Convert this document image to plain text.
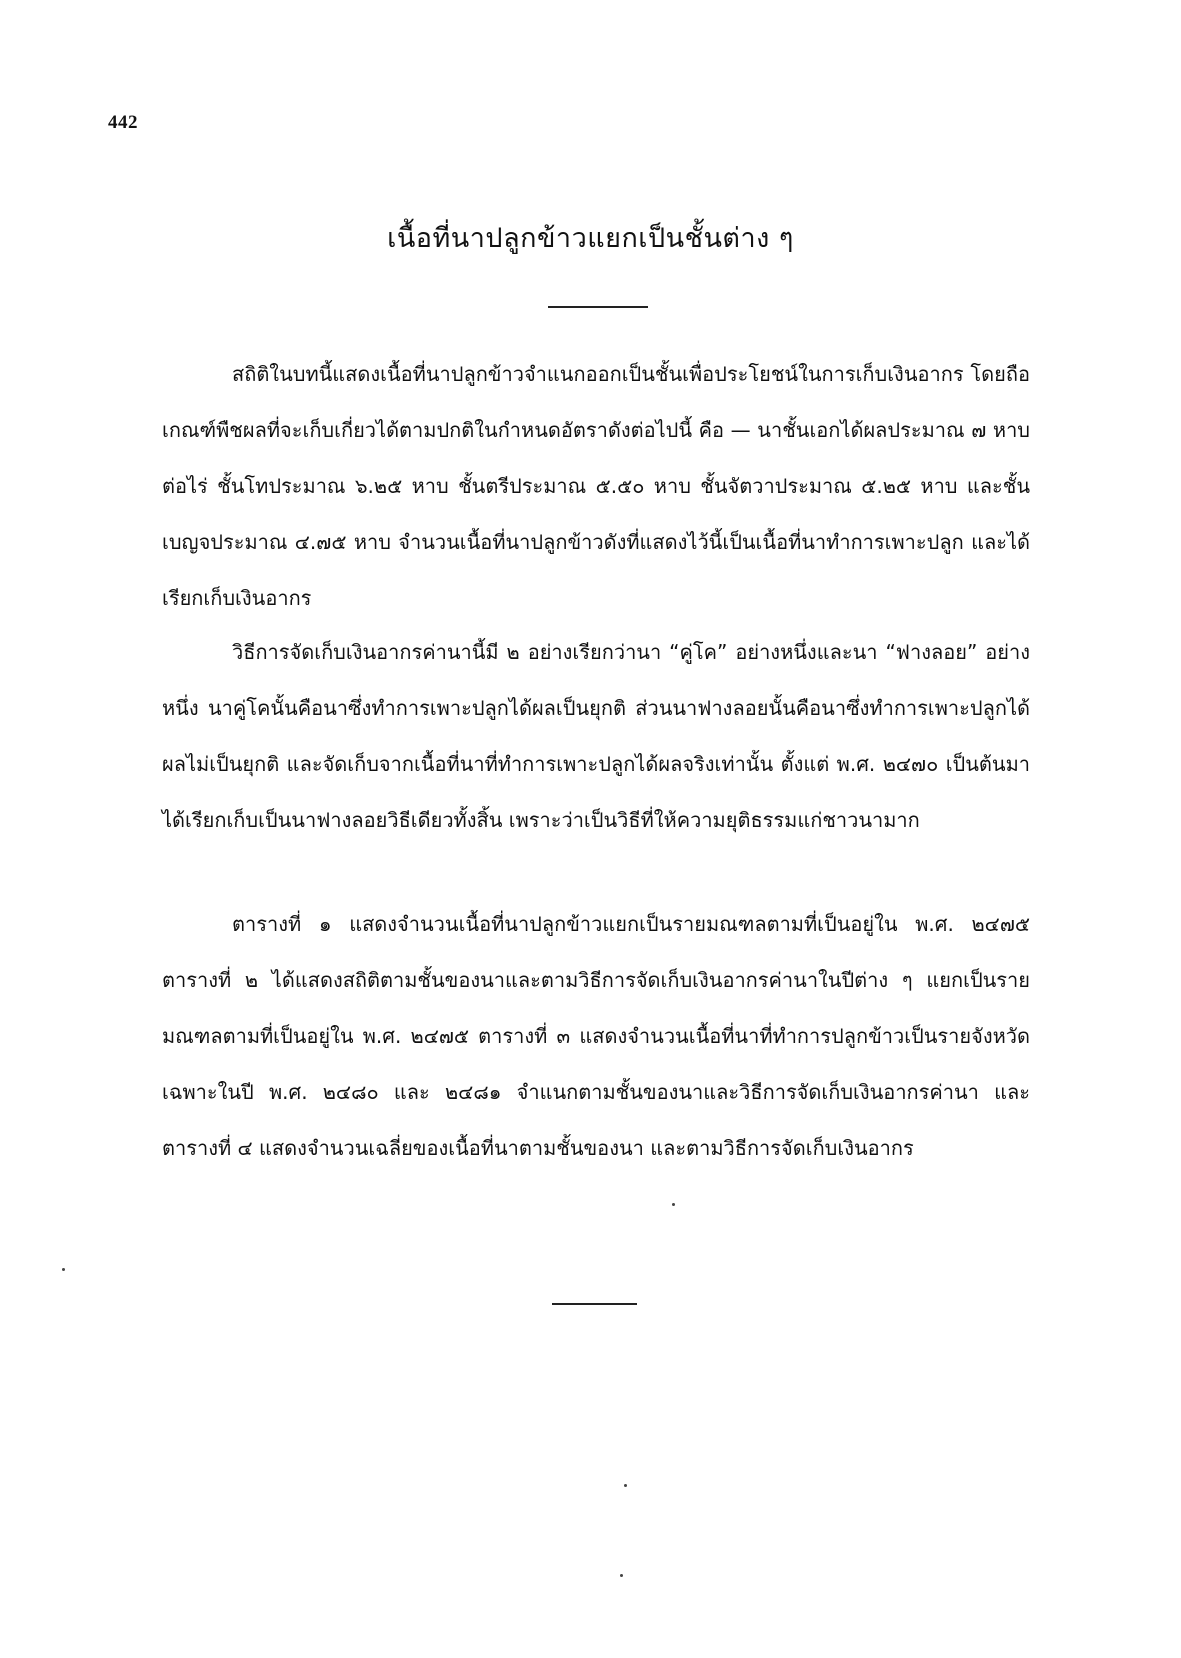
442
เนื้อที่นาปลูกข้าวแยกเป็นชั้นต่าง ๆ

สถิติในบทนี้แสดงเนื้อที่นาปลูกข้าวจำแนกออกเป็นชั้นเพื่อประโยชน์ในการเก็บเงินอากร โดยถือเกณฑ์พืชผลที่จะเก็บเกี่ยวได้ตามปกติในกำหนดอัตราดังต่อไปนี้ คือ — นาชั้นเอกได้ผลประมาณ ๗ หาบต่อไร่ ชั้นโทประมาณ ๖.๒๕ หาบ ชั้นตรีประมาณ ๕.๕๐ หาบ ชั้นจัตวาประมาณ ๕.๒๕ หาบ และชั้นเบญจประมาณ ๔.๗๕ หาบ จำนวนเนื้อที่นาปลูกข้าวดังที่แสดงไว้นี้เป็นเนื้อที่นาทำการเพาะปลูก และได้เรียกเก็บเงินอากร

วิธีการจัดเก็บเงินอากรค่านานี้มี ๒ อย่างเรียกว่านา “คู่โค” อย่างหนึ่งและนา “ฟางลอย” อย่างหนึ่ง นาคู่โคนั้นคือนาซึ่งทำการเพาะปลูกได้ผลเป็นยุกติ ส่วนนาฟางลอยนั้นคือนาซึ่งทำการเพาะปลูกได้ผลไม่เป็นยุกติ และจัดเก็บจากเนื้อที่นาที่ทำการเพาะปลูกได้ผลจริงเท่านั้น ตั้งแต่ พ.ศ. ๒๔๗๐ เป็นต้นมาได้เรียกเก็บเป็นนาฟางลอยวิธีเดียวทั้งสิ้น เพราะว่าเป็นวิธีที่ให้ความยุติธรรมแก่ชาวนามาก

ตารางที่ ๑ แสดงจำนวนเนื้อที่นาปลูกข้าวแยกเป็นรายมณฑลตามที่เป็นอยู่ใน พ.ศ. ๒๔๗๕ ตารางที่ ๒ ได้แสดงสถิติตามชั้นของนาและตามวิธีการจัดเก็บเงินอากรค่านาในปีต่าง ๆ แยกเป็นรายมณฑลตามที่เป็นอยู่ใน พ.ศ. ๒๔๗๕ ตารางที่ ๓ แสดงจำนวนเนื้อที่นาที่ทำการปลูกข้าวเป็นรายจังหวัดเฉพาะในปี พ.ศ. ๒๔๘๐ และ ๒๔๘๑ จำแนกตามชั้นของนาและวิธีการจัดเก็บเงินอากรค่านา และตารางที่ ๔ แสดงจำนวนเฉลี่ยของเนื้อที่นาตามชั้นของนา และตามวิธีการจัดเก็บเงินอากร
